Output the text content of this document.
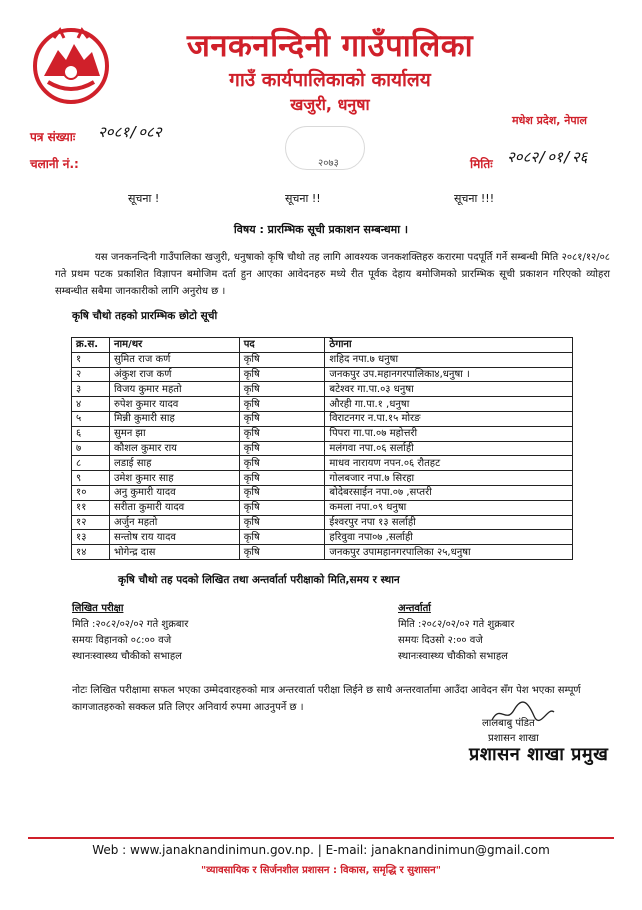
जनकनन्दिनी गाउँपालिका
गाउँ कार्यपालिकाको कार्यालय
खजुरी, धनुषा
मधेश प्रदेश, नेपाल
२०७३
पत्र संख्याः २०८१/०८२
चलानी नं.:	मितिः २०८२/०१/२६
सूचना !	सूचना !!	सूचना !!!
विषय : प्रारम्भिक सूची प्रकाशन सम्बन्धमा ।
यस जनकनन्दिनी गाउँपालिका खजुरी, धनुषाको कृषि चौथो तह लागि आवश्यक जनकशक्तिहरु करारमा पदपूर्ति गर्ने सम्बन्धी मिति २०८१/१२/०८ गते प्रथम पटक प्रकाशित विज्ञापन बमोजिम दर्ता हुन आएका आवेदनहरु मध्ये रीत पूर्वक देहाय बमोजिमको प्रारम्भिक सूची प्रकाशन गरिएको व्योहरा सम्बन्धीत सबैमा जानकारीको लागि अनुरोध छ ।
कृषि चौथो तहको प्रारम्भिक छोटो सूची
क्र.स.	नाम/थर	पद	ठेगाना
१	सुमित राज कर्ण	कृषि	शहिद नपा.७ धनुषा
२	अंकुश राज कर्ण	कृषि	जनकपुर उप.महानगरपालिका४,धनुषा ।
३	विजय कुमार महतो	कृषि	बटेश्वर गा.पा.०३ धनुषा
४	रुपेश कुमार यादव	कृषि	औरही गा.पा.१ ,धनुषा
५	मिन्नी कुमारी साह	कृषि	विराटनगर न.पा.१५ मोरङ
६	सुमन झा	कृषि	पिपरा गा.पा.०७ महोत्तरी
७	कौशल कुमार राय	कृषि	मलंगवा नपा.०६ सर्लाही
८	लडाई साह	कृषि	माधव नारायण नपन.०६ रौतहट
९	उमेश कुमार साह	कृषि	गोलबजार नपा.७ सिरहा
१०	अनु कुमारी यादव	कृषि	बोदेबरसाईन नपा.०७ ,सप्तरी
११	सरीता कुमारी यादव	कृषि	कमला नपा.०९ धनुषा
१२	अर्जुन महतो	कृषि	ईश्वरपुर नपा १३ सर्लाही
१३	सन्तोष राय यादव	कृषि	हरिवुवा नपा०७ ,सर्लाही
१४	भोगेन्द्र दास	कृषि	जनकपुर उपामहानगरपालिका २५,धनुषा
कृषि चौथो तह पदको लिखित तथा अन्तर्वार्ता परीक्षाको मिति,समय र स्थान
लिखित परीक्षा
मिति :२०८२/०२/०२ गते शुक्रबार
समयः विहानको ०८:०० वजे
स्थानःस्वास्थ्य चौकीको सभाहल
अन्तर्वार्ता
मिति :२०८२/०२/०२ गते शुक्रबार
समयः दिउसो २:०० वजे
स्थानःस्वास्थ्य चौकीको सभाहल
नोटः लिखित परीक्षामा सफल भएका उम्मेदवारहरुको मात्र अन्तरवार्ता परीक्षा लिईने छ साथै अन्तरवार्तामा आउँदा आवेदन सँग पेश भएका सम्पूर्ण कागजातहरुको सक्कल प्रति लिएर अनिवार्य रुपमा आउनुपर्ने छ ।
लालबाबु पंडित
प्रशासन शाखा
प्रशासन शाखा प्रमुख
Web : www.janaknandinimun.gov.np. | E-mail: janaknandinimun@gmail.com
"व्यावसायिक र सिर्जनशील प्रशासन : विकास, समृद्धि र सुशासन"
